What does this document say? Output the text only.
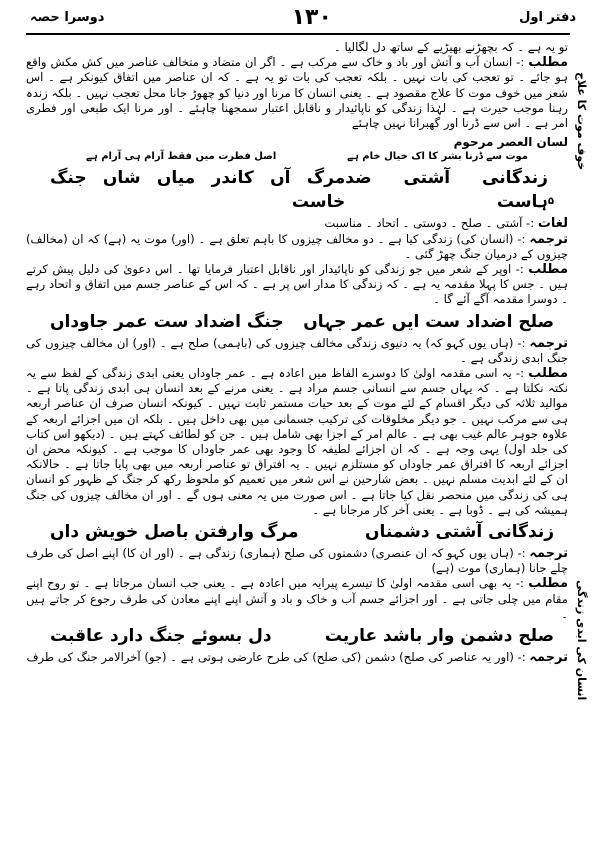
دفتر اول
۱۳۰
دوسرا حصہ
خوف موت کا علاج
انسان کی ابدی زندگی

تو یہ ہے ۔ کہ بچھڑنے بھیڑیے کے ساتھ دل لگالیا ۔

مطلب :- انسان آب و آتش اور باد و خاک سے مرکب ہے ۔ اگر ان متضاد و متخالف عناصر میں کش مکش واقع ہو جائے ۔ تو تعجب کی بات نہیں ۔ بلکہ تعجب کی بات تو یہ ہے ۔ کہ ان عناصر میں اتفاق کیونکر ہے ۔ اس شعر میں خوف موت کا علاج مقصود ہے ۔ یعنی انسان کا مرنا اور دنیا کو چھوڑ جانا محل تعجب نہیں ۔ بلکہ زندہ رہنا موجب حیرت ہے ۔ لہٰذا زندگی کو ناپائیدار و ناقابل اعتبار سمجھنا چاہئے ۔ اور مرنا ایک طبعی اور فطری امر ہے ۔ اس سے ڈرنا اور گھبرانا نہیں چاہئے

لسان العصر مرحوم
موت سے ڈرنا بشر کا اک خیال خام ہے
اصل فطرت میں فقط آرام ہی آرام ہے
۵
زندگانی آشتی ضد ہاست
مرگ آں کاندر میاں شاں جنگ خاست

لغات :- آشتی ۔ صلح ۔ دوستی ۔ اتحاد ۔ مناسبت

ترجمہ :- (انسان کی) زندگی کیا ہے ۔ دو مخالف چیزوں کا باہم تعلق ہے ۔ (اور) موت یہ (ہے) کہ ان (مخالف) چیزوں کے درمیان جنگ چھڑ گئی ۔

مطلب :- اوپر کے شعر میں جو زندگی کو ناپائیدار اور ناقابل اعتبار فرمایا تھا ۔ اس دعویٰ کی دلیل پیش کرتے ہیں ۔ جس کا پہلا مقدمہ یہ ہے ۔ کہ زندگی کا مدار اس پر ہے ۔ کہ اس کے عناصر جسم میں اتفاق و اتحاد رہے ۔ دوسرا مقدمہ آگے آئے گا ۔

صلح اضداد ست ایں عمر جہاں
جنگ اضداد ست عمر جاوداں

ترجمہ :- (ہاں یوں کہو کہ) یہ دنیوی زندگی مخالف چیزوں کی (باہمی) صلح ہے ۔ (اور) ان مخالف چیزوں کی جنگ ابدی زندگی ہے ۔

مطلب :- یہ اسی مقدمہ اولیٰ کا دوسرے الفاظ میں اعادہ ہے ۔ عمر جاوداں یعنی ابدی زندگی کے لفظ سے یہ نکتہ نکلتا ہے ۔ کہ یہاں جسم سے انسانی جسم مراد ہے ۔ یعنی مرنے کے بعد انسان ہی ابدی زندگی پاتا ہے ۔ موالید ثلاثہ کی دیگر اقسام کے لئے موت کے بعد حیات مستمر ثابت نہیں ۔ کیونکہ انسان صرف ان عناصر اربعہ ہی سے مرکب نہیں ۔ جو دیگر مخلوقات کی ترکیب جسمانی میں بھی داخل ہیں ۔ بلکہ ان میں اجزائے اربعہ کے علاوہ جوہر عالم غیب بھی ہے ۔ عالم امر کے اجزا بھی شامل ہیں ۔ جن کو لطائف کہتے ہیں ۔ (دیکھو اس کتاب کی جلد اول) یہی وجہ ہے ۔ کہ ان اجزائے لطیفہ کا وجود بھی عمر جاوداں کا موجب ہے ۔ کیونکہ محض ان اجزائے اربعہ کا افتراق عمر جاوداں کو مستلزم نہیں ۔ یہ افتراق تو عناصر اربعہ میں بھی پایا جاتا ہے ۔ حالانکہ ان کے لئے ابدیت مسلم نہیں ۔ بعض شارحین نے اس شعر میں تعمیم کو ملحوظ رکھ کر جنگ کے ظہور کو انسان ہی کی زندگی میں منحصر نقل کیا جاتا ہے ۔ اس صورت میں یہ معنی ہوں گے ۔ اور ان مخالف چیزوں کی جنگ ہمیشہ کی ہے ۔ ڈوبا ہے ۔ یعنی آخر کار مرجانا ہے ۔

زندگانی آشتی دشمناں
مرگ وارفتن باصل خویش داں

ترجمہ :- (ہاں یوں کہو کہ ان عنصری) دشمنوں کی صلح (ہماری) زندگی ہے ۔ (اور ان کا) اپنے اصل کی طرف چلے جانا (ہماری) موت (ہے)

مطلب :- یہ بھی اسی مقدمہ اولیٰ کا تیسرے پیرایہ میں اعادہ ہے ۔ یعنی جب انسان مرجاتا ہے ۔ تو روح اپنے مقام میں چلی جاتی ہے ۔ اور اجزائے جسم آب و خاک و باد و آتش اپنے اپنے معادن کی طرف رجوع کر جاتے ہیں ۔

صلح دشمن وار باشد عاریت
دل بسوئے جنگ دارد عاقبت

ترجمہ :- (اور یہ عناصر کی صلح) دشمن (کی صلح) کی طرح عارضی ہوتی ہے ۔ (جو) آخرالامر جنگ کی طرف
